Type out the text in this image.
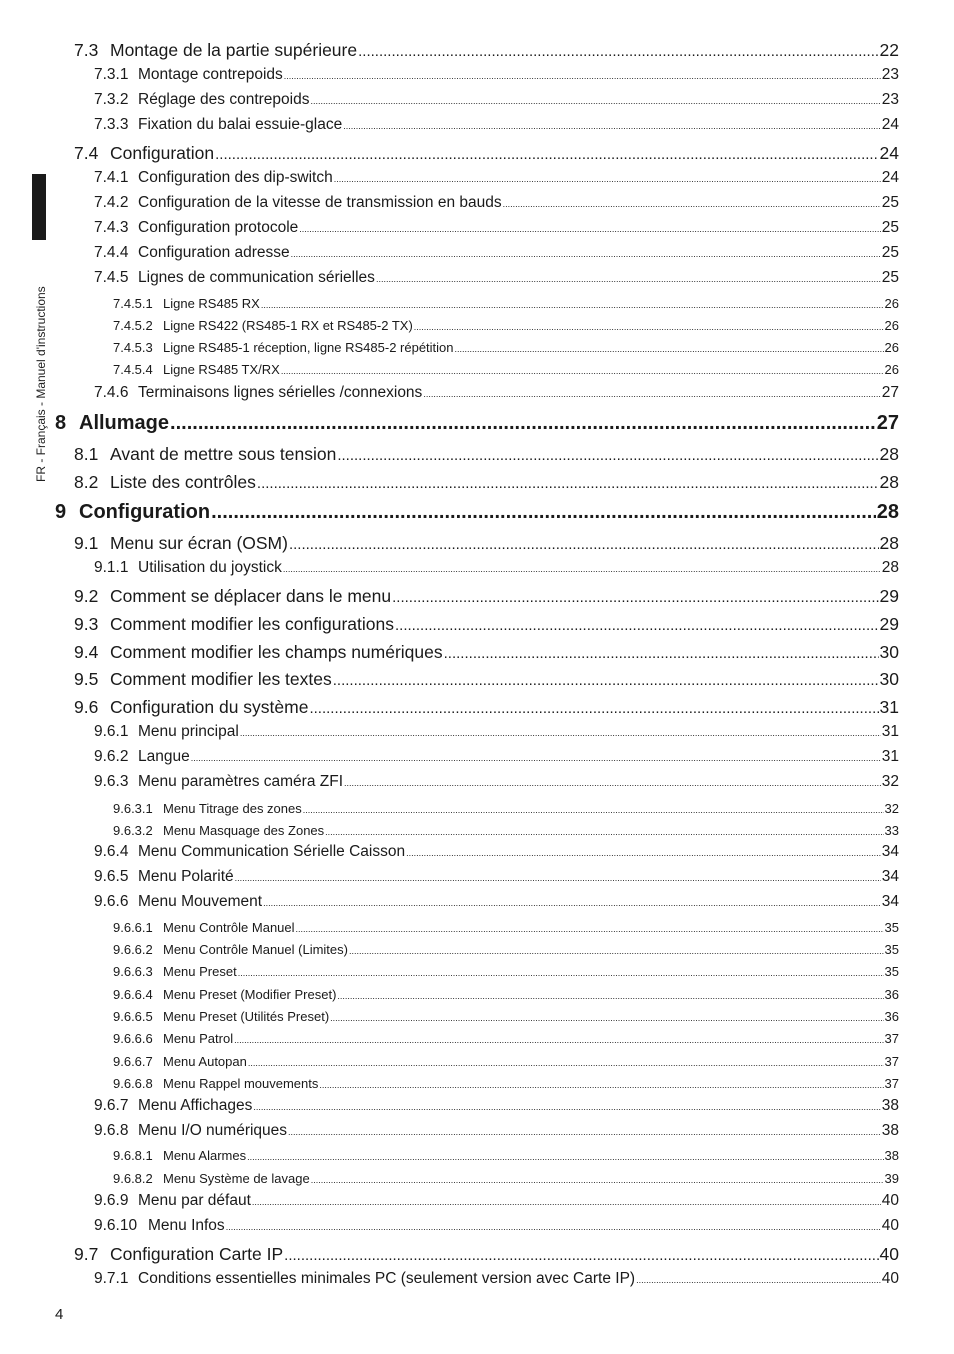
FR - Français - Manuel d'instructions
7.3 Montage de la partie supérieure .....	22
7.3.1 Montage contrepoids .....	23
7.3.2 Réglage des contrepoids .....	23
7.3.3 Fixation du balai essuie-glace .....	24
7.4 Configuration .....	24
7.4.1 Configuration des dip-switch .....	24
7.4.2 Configuration de la vitesse de transmission en bauds .....	25
7.4.3 Configuration protocole .....	25
7.4.4 Configuration adresse .....	25
7.4.5 Lignes de communication sérielles .....	25
7.4.5.1 Ligne RS485 RX .....	26
7.4.5.2 Ligne RS422 (RS485-1 RX et RS485-2 TX) .....	26
7.4.5.3 Ligne RS485-1 réception, ligne RS485-2 répétition .....	26
7.4.5.4 Ligne RS485 TX/RX .....	26
7.4.6 Terminaisons lignes sérielles /connexions .....	27
8 Allumage .....	27
8.1 Avant de mettre sous tension .....	28
8.2 Liste des contrôles .....	28
9 Configuration .....	28
9.1 Menu sur écran (OSM) .....	28
9.1.1 Utilisation du joystick .....	28
9.2 Comment se déplacer dans le menu .....	29
9.3 Comment modifier les configurations .....	29
9.4 Comment modifier les champs numériques .....	30
9.5 Comment modifier les textes .....	30
9.6 Configuration du système .....	31
9.6.1 Menu principal .....	31
9.6.2 Langue .....	31
9.6.3 Menu paramètres caméra ZFI .....	32
9.6.3.1 Menu Titrage des zones .....	32
9.6.3.2 Menu Masquage des Zones .....	33
9.6.4 Menu Communication Sérielle Caisson .....	34
9.6.5 Menu Polarité .....	34
9.6.6 Menu Mouvement .....	34
9.6.6.1 Menu Contrôle Manuel .....	35
9.6.6.2 Menu Contrôle Manuel (Limites) .....	35
9.6.6.3 Menu Preset .....	35
9.6.6.4 Menu Preset (Modifier Preset) .....	36
9.6.6.5 Menu Preset (Utilités Preset) .....	36
9.6.6.6 Menu Patrol .....	37
9.6.6.7 Menu Autopan .....	37
9.6.6.8 Menu Rappel mouvements .....	37
9.6.7 Menu Affichages .....	38
9.6.8 Menu I/O numériques .....	38
9.6.8.1 Menu Alarmes .....	38
9.6.8.2 Menu Système de lavage .....	39
9.6.9 Menu par défaut .....	40
9.6.10 Menu Infos .....	40
9.7 Configuration Carte IP .....	40
9.7.1 Conditions essentielles minimales PC (seulement version avec Carte IP) .....	40
4
